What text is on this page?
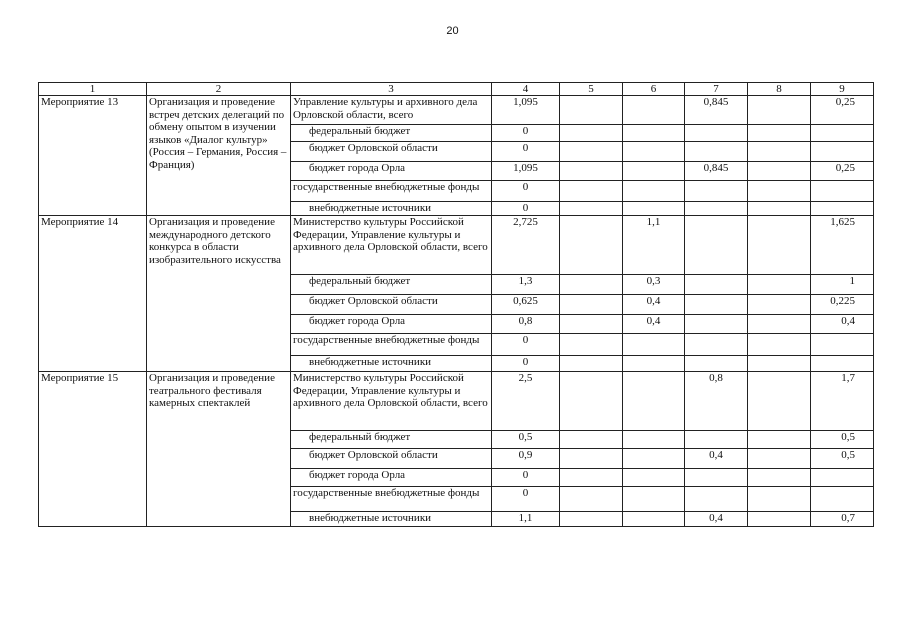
20
1	2	3	4	5	6	7	8	9
Мероприятие 13	Организация и проведение встреч детских делегаций по обмену опытом в изучении языков «Диалог культур» (Россия – Германия, Россия – Франция)	Управление культуры и архивного дела Орловской области, всего	1,095			0,845		0,25
		федеральный бюджет	0					
		бюджет Орловской области	0					
		бюджет города Орла	1,095			0,845		0,25
		государственные внебюджетные фонды	0					
		внебюджетные источники	0					
Мероприятие 14	Организация и проведение международного детского конкурса в области изобразительного искусства	Министерство культуры Российской Федерации, Управление культуры и архивного дела Орловской области, всего	2,725		1,1			1,625
		федеральный бюджет	1,3		0,3			1
		бюджет Орловской области	0,625		0,4			0,225
		бюджет города Орла	0,8		0,4			0,4
		государственные внебюджетные фонды	0					
		внебюджетные источники	0					
Мероприятие 15	Организация и проведение театрального фестиваля камерных спектаклей	Министерство культуры Российской Федерации, Управление культуры и архивного дела Орловской области, всего	2,5			0,8		1,7
		федеральный бюджет	0,5					0,5
		бюджет Орловской области	0,9			0,4		0,5
		бюджет города Орла	0					
		государственные внебюджетные фонды	0					
		внебюджетные источники	1,1			0,4		0,7
